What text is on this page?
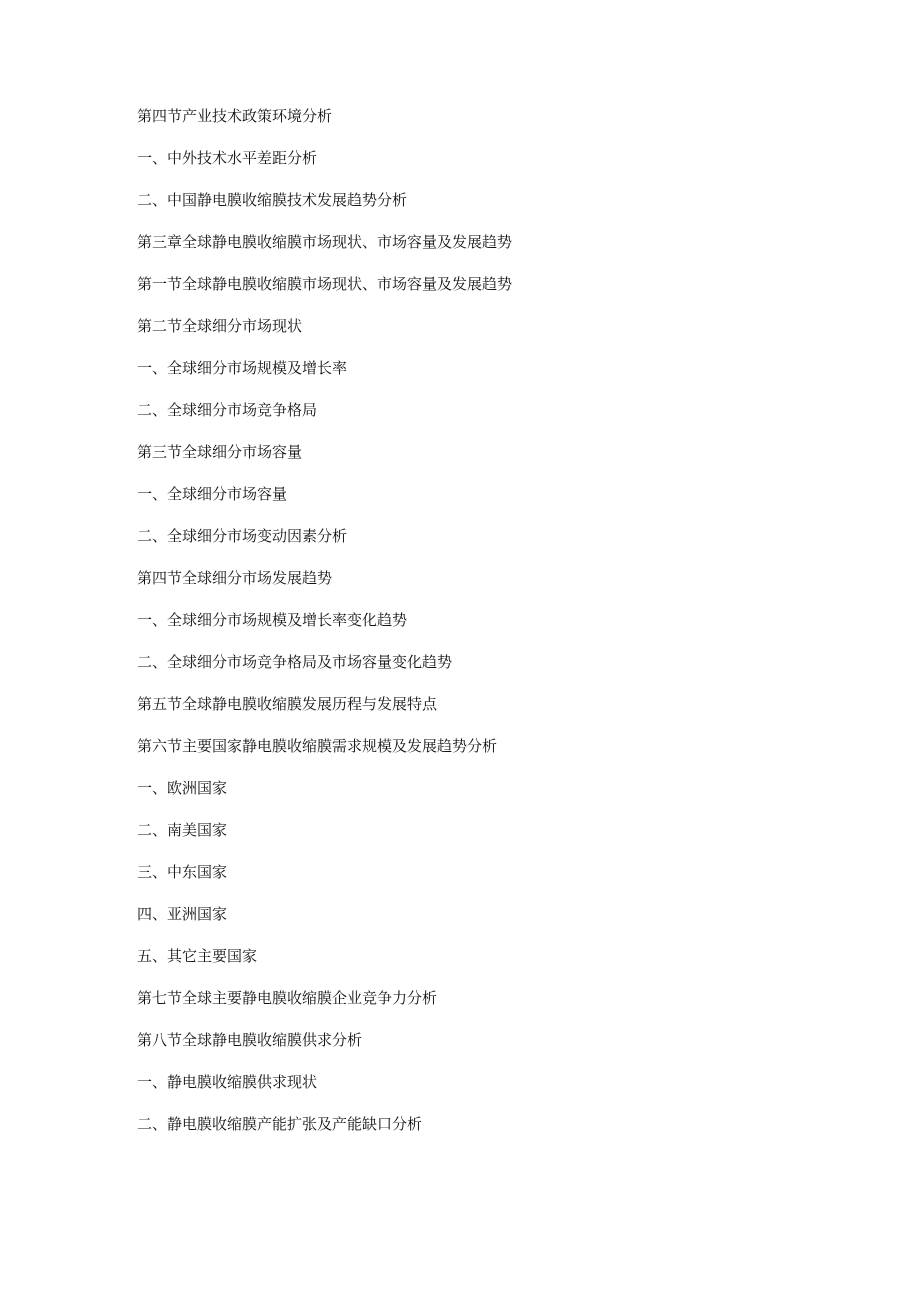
第四节产业技术政策环境分析
一、中外技术水平差距分析
二、中国静电膜收缩膜技术发展趋势分析
第三章全球静电膜收缩膜市场现状、市场容量及发展趋势
第一节全球静电膜收缩膜市场现状、市场容量及发展趋势
第二节全球细分市场现状
一、全球细分市场规模及增长率
二、全球细分市场竞争格局
第三节全球细分市场容量
一、全球细分市场容量
二、全球细分市场变动因素分析
第四节全球细分市场发展趋势
一、全球细分市场规模及增长率变化趋势
二、全球细分市场竞争格局及市场容量变化趋势
第五节全球静电膜收缩膜发展历程与发展特点
第六节主要国家静电膜收缩膜需求规模及发展趋势分析
一、欧洲国家
二、南美国家
三、中东国家
四、亚洲国家
五、其它主要国家
第七节全球主要静电膜收缩膜企业竞争力分析
第八节全球静电膜收缩膜供求分析
一、静电膜收缩膜供求现状
二、静电膜收缩膜产能扩张及产能缺口分析
